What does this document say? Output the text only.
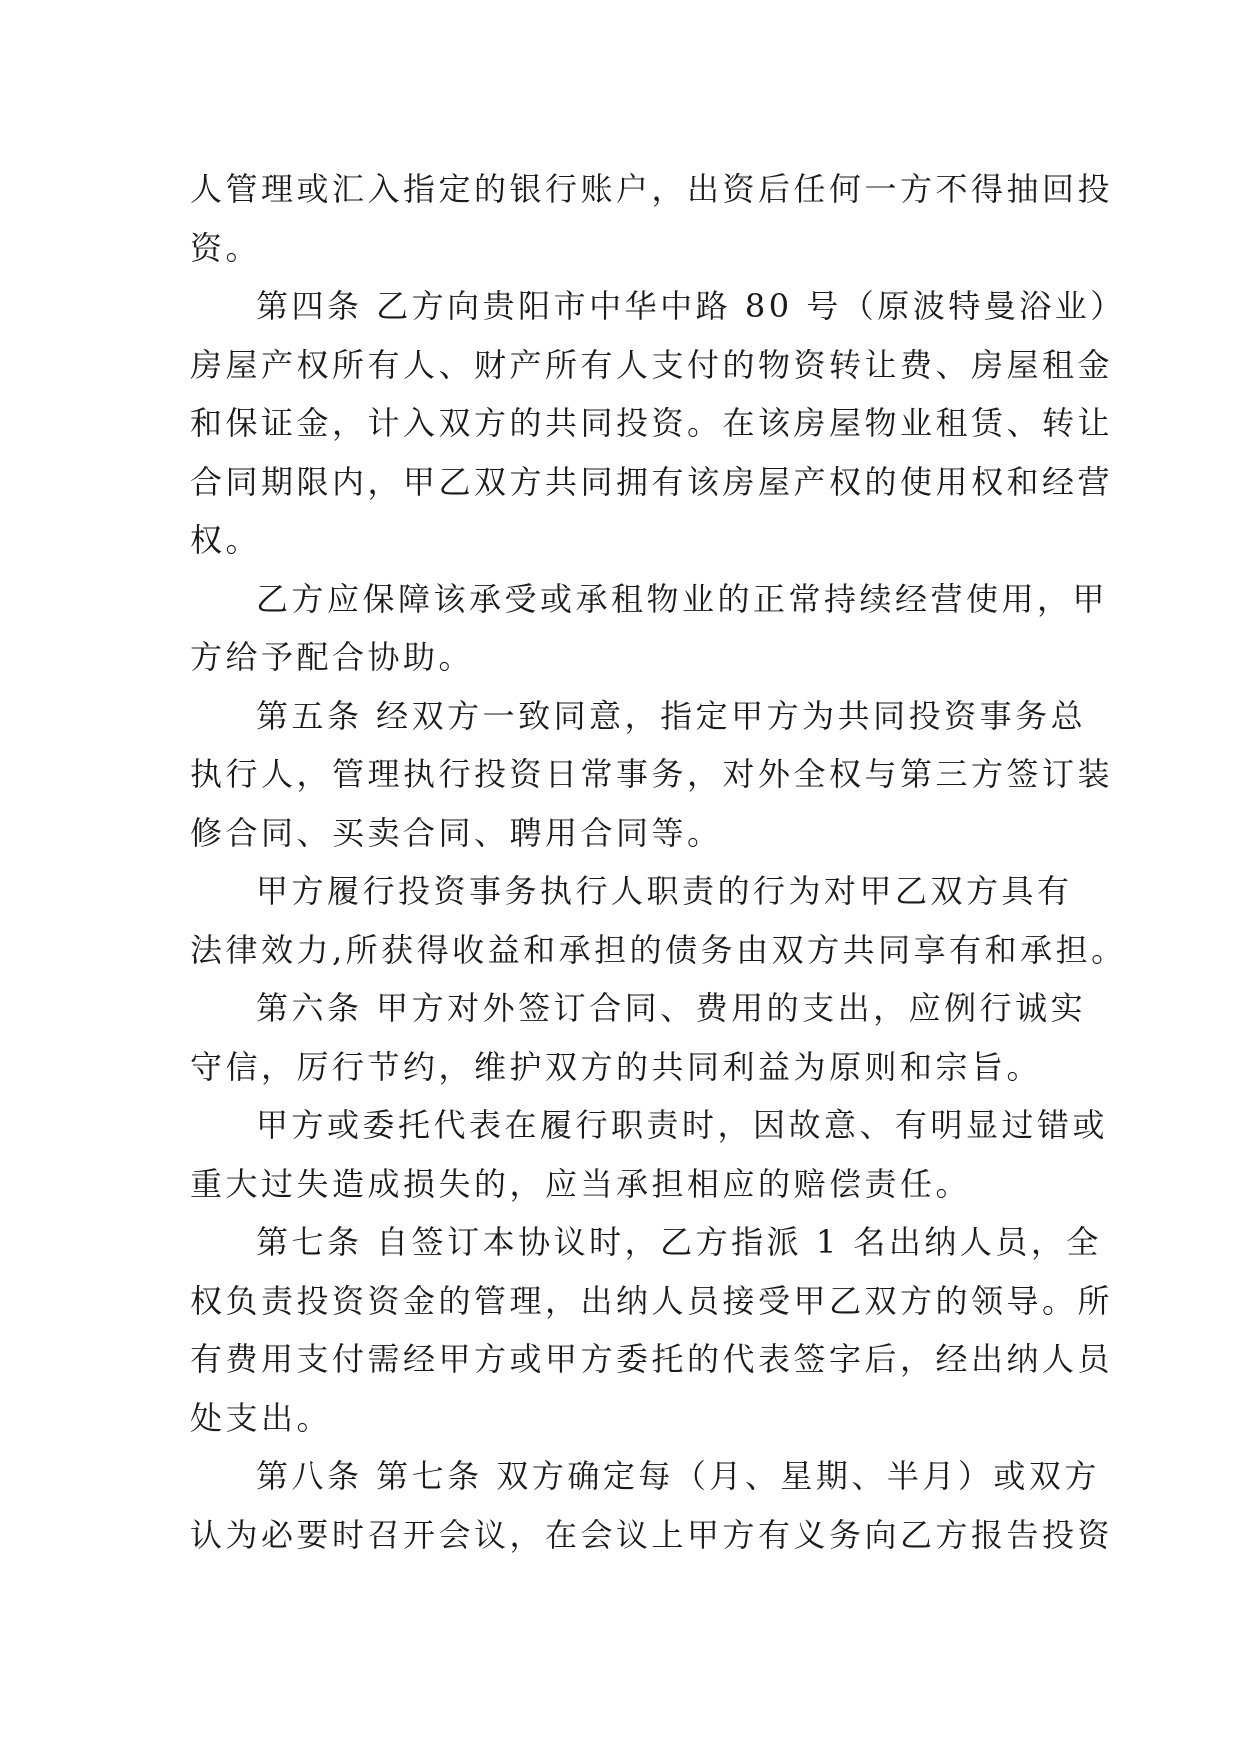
人管理或汇入指定的银行账户，出资后任何一方不得抽回投
资。
第四条 乙方向贵阳市中华中路 80 号（原波特曼浴业）
房屋产权所有人、财产所有人支付的物资转让费、房屋租金
和保证金，计入双方的共同投资。在该房屋物业租赁、转让
合同期限内，甲乙双方共同拥有该房屋产权的使用权和经营
权。
乙方应保障该承受或承租物业的正常持续经营使用，甲
方给予配合协助。
第五条 经双方一致同意，指定甲方为共同投资事务总
执行人，管理执行投资日常事务，对外全权与第三方签订装
修合同、买卖合同、聘用合同等。
甲方履行投资事务执行人职责的行为对甲乙双方具有
法律效力,所获得收益和承担的债务由双方共同享有和承担。
第六条 甲方对外签订合同、费用的支出，应例行诚实
守信，厉行节约，维护双方的共同利益为原则和宗旨。
甲方或委托代表在履行职责时，因故意、有明显过错或
重大过失造成损失的，应当承担相应的赔偿责任。
第七条 自签订本协议时，乙方指派 1 名出纳人员，全
权负责投资资金的管理，出纳人员接受甲乙双方的领导。所
有费用支付需经甲方或甲方委托的代表签字后，经出纳人员
处支出。
第八条 第七条 双方确定每（月、星期、半月）或双方
认为必要时召开会议，在会议上甲方有义务向乙方报告投资
